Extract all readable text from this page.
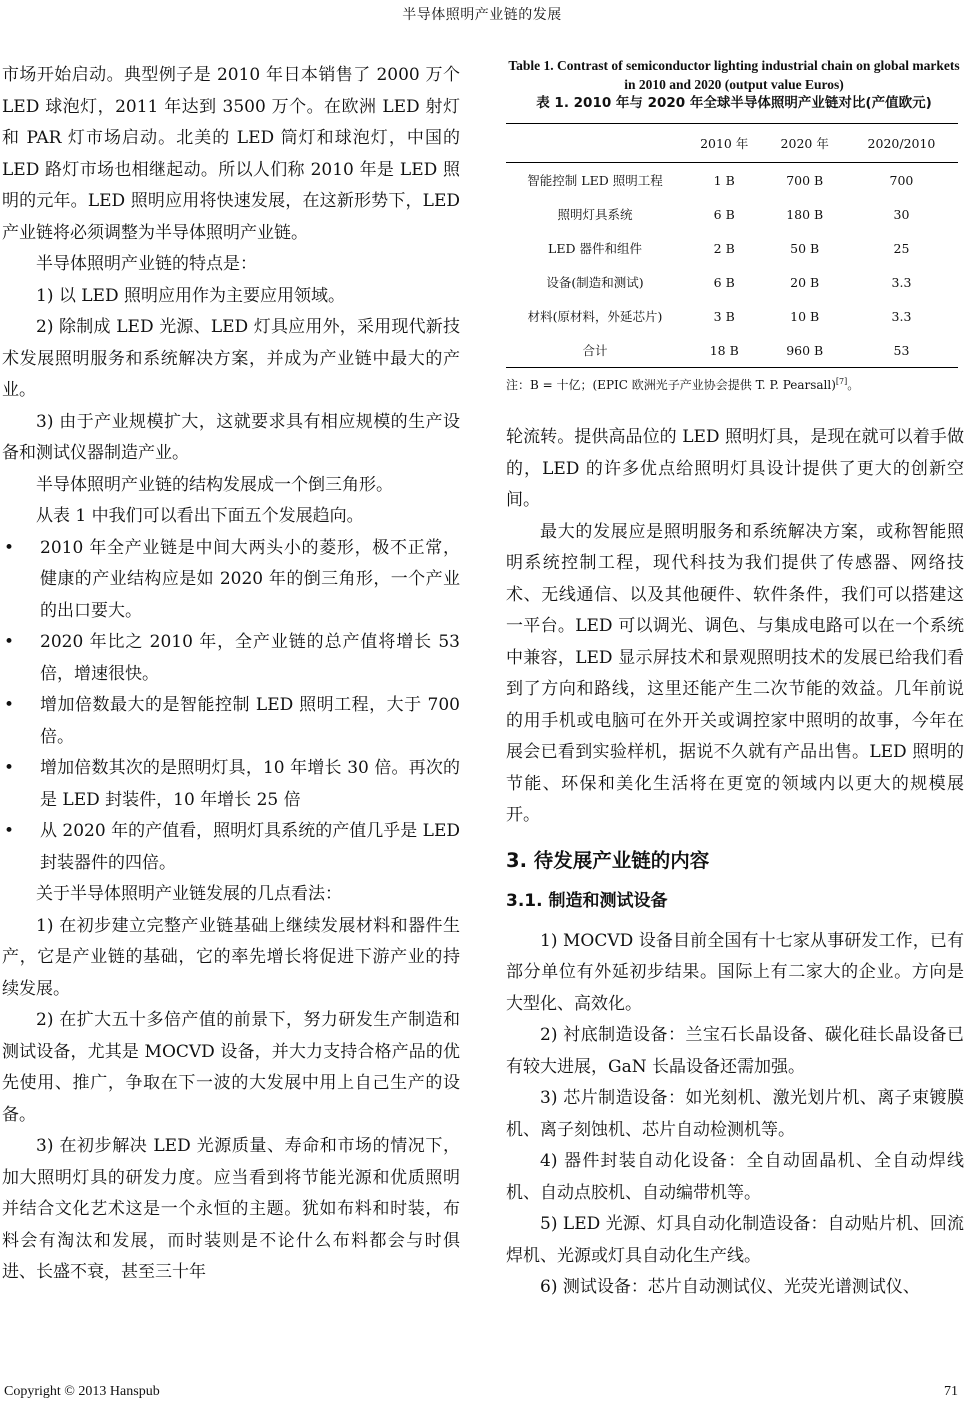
半导体照明产业链的发展

市场开始启动。典型例子是 2010 年日本销售了 2000 万个 LED 球泡灯，2011 年达到 3500 万个。在欧洲 LED 射灯和 PAR 灯市场启动。北美的 LED 筒灯和球泡灯，中国的 LED 路灯市场也相继起动。所以人们称 2010 年是 LED 照明的元年。LED 照明应用将快速发展，在这新形势下，LED 产业链将必须调整为半导体照明产业链。

半导体照明产业链的特点是：

1) 以 LED 照明应用作为主要应用领域。

2) 除制成 LED 光源、LED 灯具应用外，采用现代新技术发展照明服务和系统解决方案，并成为产业链中最大的产业。

3) 由于产业规模扩大，这就要求具有相应规模的生产设备和测试仪器制造产业。

半导体照明产业链的结构发展成一个倒三角形。

从表 1 中我们可以看出下面五个发展趋向。

• 2010 年全产业链是中间大两头小的菱形，极不正常，健康的产业结构应是如 2020 年的倒三角形，一个产业的出口要大。
• 2020 年比之 2010 年，全产业链的总产值将增长 53 倍，增速很快。
• 增加倍数最大的是智能控制 LED 照明工程，大于 700 倍。
• 增加倍数其次的是照明灯具，10 年增长 30 倍。再次的是 LED 封装件，10 年增长 25 倍
• 从 2020 年的产值看，照明灯具系统的产值几乎是 LED 封装器件的四倍。

关于半导体照明产业链发展的几点看法：

1) 在初步建立完整产业链基础上继续发展材料和器件生产，它是产业链的基础，它的率先增长将促进下游产业的持续发展。

2) 在扩大五十多倍产值的前景下，努力研发生产制造和测试设备，尤其是 MOCVD 设备，并大力支持合格产品的优先使用、推广，争取在下一波的大发展中用上自己生产的设备。

3) 在初步解决 LED 光源质量、寿命和市场的情况下，加大照明灯具的研发力度。应当看到将节能光源和优质照明并结合文化艺术这是一个永恒的主题。犹如布料和时装，布料会有淘汰和发展，而时装则是不论什么布料都会与时俱进、长盛不衰，甚至三十年

Table 1. Contrast of semiconductor lighting industrial chain on global markets in 2010 and 2020 (output value Euros)
表 1. 2010 年与 2020 年全球半导体照明产业链对比(产值欧元)
	2010 年	2020 年	2020/2010
智能控制 LED 照明工程	1 B	700 B	700
照明灯具系统	6 B	180 B	30
LED 器件和组件	2 B	50 B	25
设备(制造和测试)	6 B	20 B	3.3
材料(原材料，外延芯片)	3 B	10 B	3.3
合计	18 B	960 B	53
注：B = 十亿；(EPIC 欧洲光子产业协会提供 T. P. Pearsall)[7]。

轮流转。提供高品位的 LED 照明灯具，是现在就可以着手做的，LED 的许多优点给照明灯具设计提供了更大的创新空间。

最大的发展应是照明服务和系统解决方案，或称智能照明系统控制工程，现代科技为我们提供了传感器、网络技术、无线通信、以及其他硬件、软件条件，我们可以搭建这一平台。LED 可以调光、调色、与集成电路可以在一个系统中兼容，LED 显示屏技术和景观照明技术的发展已给我们看到了方向和路线，这里还能产生二次节能的效益。几年前说的用手机或电脑可在外开关或调控家中照明的故事，今年在展会已看到实验样机，据说不久就有产品出售。LED 照明的节能、环保和美化生活将在更宽的领域内以更大的规模展开。

3. 待发展产业链的内容
3.1. 制造和测试设备

1) MOCVD 设备目前全国有十七家从事研发工作，已有部分单位有外延初步结果。国际上有二家大的企业。方向是大型化、高效化。

2) 衬底制造设备：兰宝石长晶设备、碳化硅长晶设备已有较大进展，GaN 长晶设备还需加强。

3) 芯片制造设备：如光刻机、激光划片机、离子束镀膜机、离子刻蚀机、芯片自动检测机等。

4) 器件封装自动化设备：全自动固晶机、全自动焊线机、自动点胶机、自动编带机等。

5) LED 光源、灯具自动化制造设备：自动贴片机、回流焊机、光源或灯具自动化生产线。

6) 测试设备：芯片自动测试仪、光荧光谱测试仪、

Copyright © 2013 Hanspub	71
